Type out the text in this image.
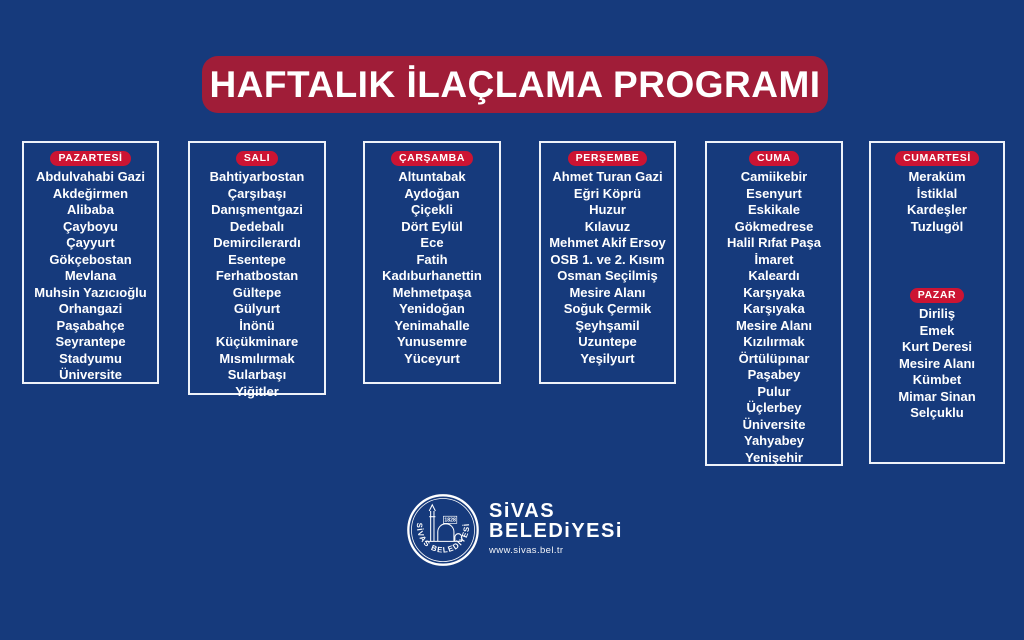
HAFTALIK İLAÇLAMA PROGRAMI
PAZARTESİ
Abdulvahabi Gazi
Akdeğirmen
Alibaba
Çayboyu
Çayyurt
Gökçebostan
Mevlana
Muhsin Yazıcıoğlu
Orhangazi
Paşabahçe
Seyrantepe
Stadyumu
Üniversite
SALI
Bahtiyarbostan
Çarşıbaşı
Danışmentgazi
Dedebalı
Demircilerardı
Esentepe
Ferhatbostan
Gültepe
Gülyurt
İnönü
Küçükminare
Mısmılırmak
Sularbaşı
Yiğitler
ÇARŞAMBA
Altuntabak
Aydoğan
Çiçekli
Dört Eylül
Ece
Fatih
Kadıburhanettin
Mehmetpaşa
Yenidoğan
Yenimahalle
Yunusemre
Yüceyurt
PERŞEMBE
Ahmet Turan Gazi
Eğri Köprü
Huzur
Kılavuz
Mehmet Akif Ersoy
OSB 1. ve 2. Kısım
Osman Seçilmiş
Mesire Alanı
Soğuk Çermik
Şeyhşamil
Uzuntepe
Yeşilyurt
CUMA
Camiikebir
Esenyurt
Eskikale
Gökmedrese
Halil Rıfat Paşa
İmaret
Kaleardı
Karşıyaka
Karşıyaka
Mesire Alanı
Kızılırmak
Örtülüpınar
Paşabey
Pulur
Üçlerbey
Üniversite
Yahyabey
Yenişehir
CUMARTESİ
Meraküm
İstiklal
Kardeşler
Tuzlugöl
PAZAR
Diriliş
Emek
Kurt Deresi
Mesire Alanı
Kümbet
Mimar Sinan
Selçuklu
SİVAS BELEDİYESİ
1828 SiVAS
BELEDiYESi
www.sivas.bel.tr
